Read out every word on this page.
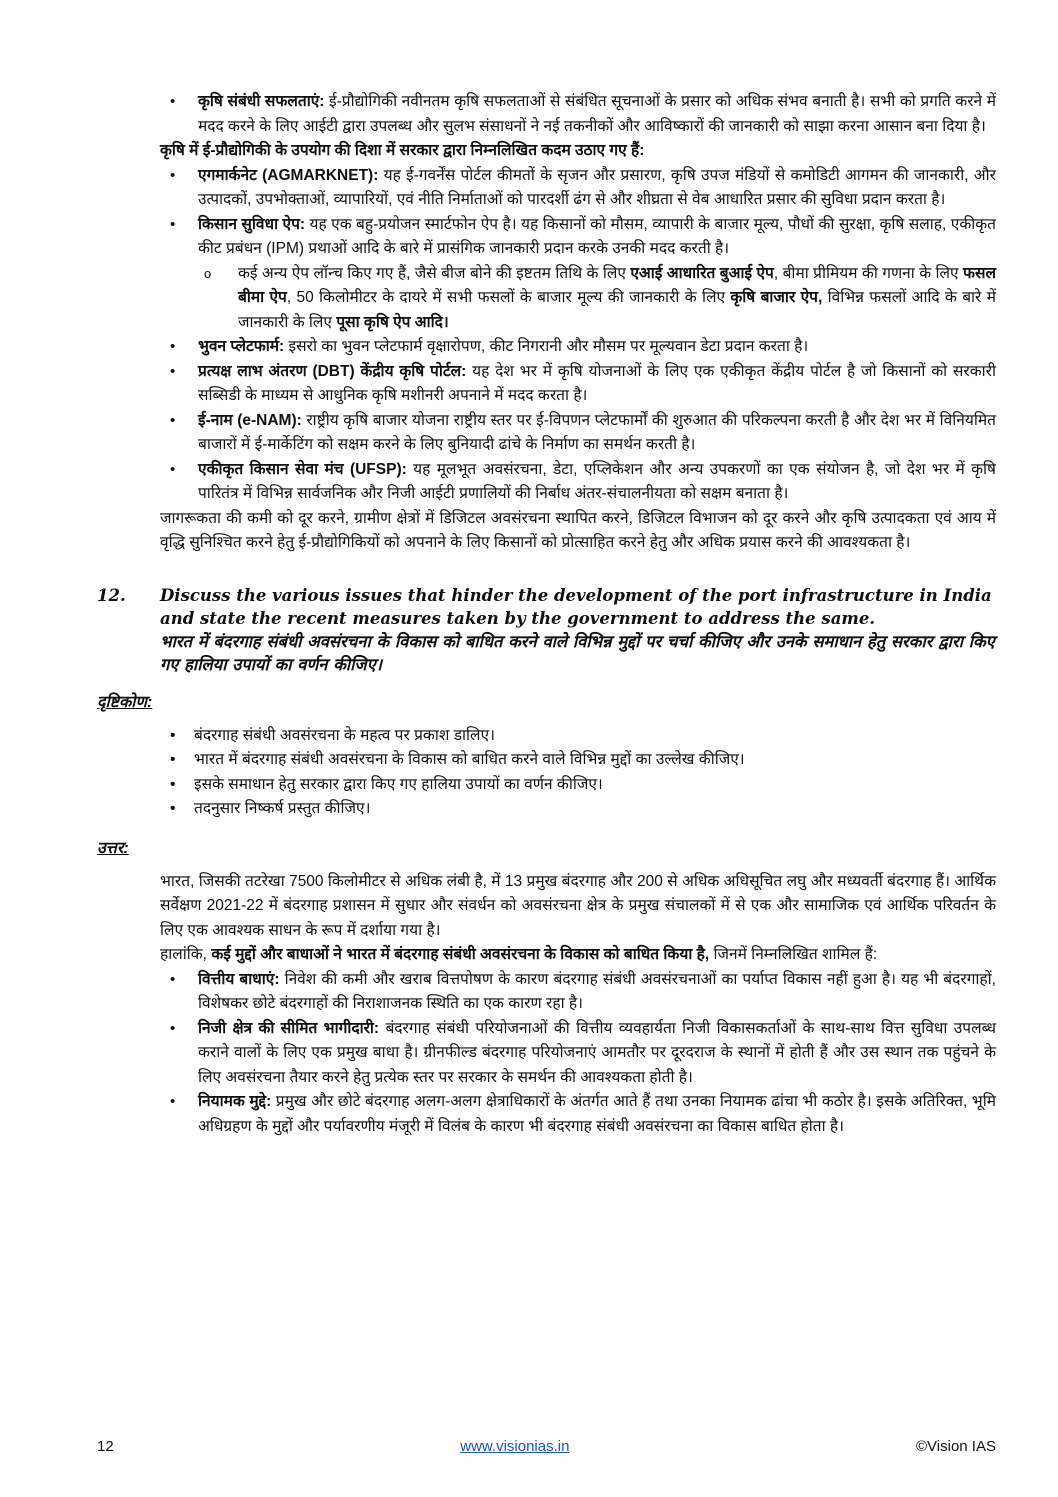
• कृषि संबंधी सफलताएं: ई-प्रौद्योगिकी नवीनतम कृषि सफलताओं से संबंधित सूचनाओं के प्रसार को अधिक संभव बनाती है। सभी को प्रगति करने में मदद करने के लिए आईटी द्वारा उपलब्ध और सुलभ संसाधनों ने नई तकनीकों और आविष्कारों की जानकारी को साझा करना आसान बना दिया है।
कृषि में ई-प्रौद्योगिकी के उपयोग की दिशा में सरकार द्वारा निम्नलिखित कदम उठाए गए हैं:
• एगमार्कनेट (AGMARKNET): यह ई-गवर्नेंस पोर्टल कीमतों के सृजन और प्रसारण, कृषि उपज मंडियों से कमोडिटी आगमन की जानकारी, और उत्पादकों, उपभोक्ताओं, व्यापारियों, एवं नीति निर्माताओं को पारदर्शी ढंग से और शीघ्रता से वेब आधारित प्रसार की सुविधा प्रदान करता है।
• किसान सुविधा ऐप: यह एक बहु-प्रयोजन स्मार्टफोन ऐप है। यह किसानों को मौसम, व्यापारी के बाजार मूल्य, पौधों की सुरक्षा, कृषि सलाह, एकीकृत कीट प्रबंधन (IPM) प्रथाओं आदि के बारे में प्रासंगिक जानकारी प्रदान करके उनकी मदद करती है।
o कई अन्य ऐप लॉन्च किए गए हैं, जैसे बीज बोने की इष्टतम तिथि के लिए एआई आधारित बुआई ऐप, बीमा प्रीमियम की गणना के लिए फसल बीमा ऐप, 50 किलोमीटर के दायरे में सभी फसलों के बाजार मूल्य की जानकारी के लिए कृषि बाजार ऐप, विभिन्न फसलों आदि के बारे में जानकारी के लिए पूसा कृषि ऐप आदि।
• भुवन प्लेटफार्म: इसरो का भुवन प्लेटफार्म वृक्षारोपण, कीट निगरानी और मौसम पर मूल्यवान डेटा प्रदान करता है।
• प्रत्यक्ष लाभ अंतरण (DBT) केंद्रीय कृषि पोर्टल: यह देश भर में कृषि योजनाओं के लिए एक एकीकृत केंद्रीय पोर्टल है जो किसानों को सरकारी सब्सिडी के माध्यम से आधुनिक कृषि मशीनरी अपनाने में मदद करता है।
• ई-नाम (e-NAM): राष्ट्रीय कृषि बाजार योजना राष्ट्रीय स्तर पर ई-विपणन प्लेटफार्मों की शुरुआत की परिकल्पना करती है और देश भर में विनियमित बाजारों में ई-मार्केटिंग को सक्षम करने के लिए बुनियादी ढांचे के निर्माण का समर्थन करती है।
• एकीकृत किसान सेवा मंच (UFSP): यह मूलभूत अवसंरचना, डेटा, एप्लिकेशन और अन्य उपकरणों का एक संयोजन है, जो देश भर में कृषि पारितंत्र में विभिन्न सार्वजनिक और निजी आईटी प्रणालियों की निर्बाध अंतर-संचालनीयता को सक्षम बनाता है।
जागरूकता की कमी को दूर करने, ग्रामीण क्षेत्रों में डिजिटल अवसंरचना स्थापित करने, डिजिटल विभाजन को दूर करने और कृषि उत्पादकता एवं आय में वृद्धि सुनिश्चित करने हेतु ई-प्रौद्योगिकियों को अपनाने के लिए किसानों को प्रोत्साहित करने हेतु और अधिक प्रयास करने की आवश्यकता है।
12.	Discuss the various issues that hinder the development of the port infrastructure in India and state the recent measures taken by the government to address the same.
भारत में बंदरगाह संबंधी अवसंरचना के विकास को बाधित करने वाले विभिन्न मुद्दों पर चर्चा कीजिए और उनके समाधान हेतु सरकार द्वारा किए गए हालिया उपायों का वर्णन कीजिए।
दृष्टिकोण:
• बंदरगाह संबंधी अवसंरचना के महत्व पर प्रकाश डालिए।
• भारत में बंदरगाह संबंधी अवसंरचना के विकास को बाधित करने वाले विभिन्न मुद्दों का उल्लेख कीजिए।
• इसके समाधान हेतु सरकार द्वारा किए गए हालिया उपायों का वर्णन कीजिए।
• तदनुसार निष्कर्ष प्रस्तुत कीजिए।
उत्तर:
भारत, जिसकी तटरेखा 7500 किलोमीटर से अधिक लंबी है, में 13 प्रमुख बंदरगाह और 200 से अधिक अधिसूचित लघु और मध्यवर्ती बंदरगाह हैं। आर्थिक सर्वेक्षण 2021-22 में बंदरगाह प्रशासन में सुधार और संवर्धन को अवसंरचना क्षेत्र के प्रमुख संचालकों में से एक और सामाजिक एवं आर्थिक परिवर्तन के लिए एक आवश्यक साधन के रूप में दर्शाया गया है।
हालांकि, कई मुद्दों और बाधाओं ने भारत में बंदरगाह संबंधी अवसंरचना के विकास को बाधित किया है, जिनमें निम्नलिखित शामिल हैं:
• वित्तीय बाधाएं: निवेश की कमी और खराब वित्तपोषण के कारण बंदरगाह संबंधी अवसंरचनाओं का पर्याप्त विकास नहीं हुआ है। यह भी बंदरगाहों, विशेषकर छोटे बंदरगाहों की निराशाजनक स्थिति का एक कारण रहा है।
• निजी क्षेत्र की सीमित भागीदारी: बंदरगाह संबंधी परियोजनाओं की वित्तीय व्यवहार्यता निजी विकासकर्ताओं के साथ-साथ वित्त सुविधा उपलब्ध कराने वालों के लिए एक प्रमुख बाधा है। ग्रीनफील्ड बंदरगाह परियोजनाएं आमतौर पर दूरदराज के स्थानों में होती हैं और उस स्थान तक पहुंचने के लिए अवसंरचना तैयार करने हेतु प्रत्येक स्तर पर सरकार के समर्थन की आवश्यकता होती है।
• नियामक मुद्दे: प्रमुख और छोटे बंदरगाह अलग-अलग क्षेत्राधिकारों के अंतर्गत आते हैं तथा उनका नियामक ढांचा भी कठोर है। इसके अतिरिक्त, भूमि अधिग्रहण के मुद्दों और पर्यावरणीय मंजूरी में विलंब के कारण भी बंदरगाह संबंधी अवसंरचना का विकास बाधित होता है।
12	www.visionias.in	©Vision IAS
